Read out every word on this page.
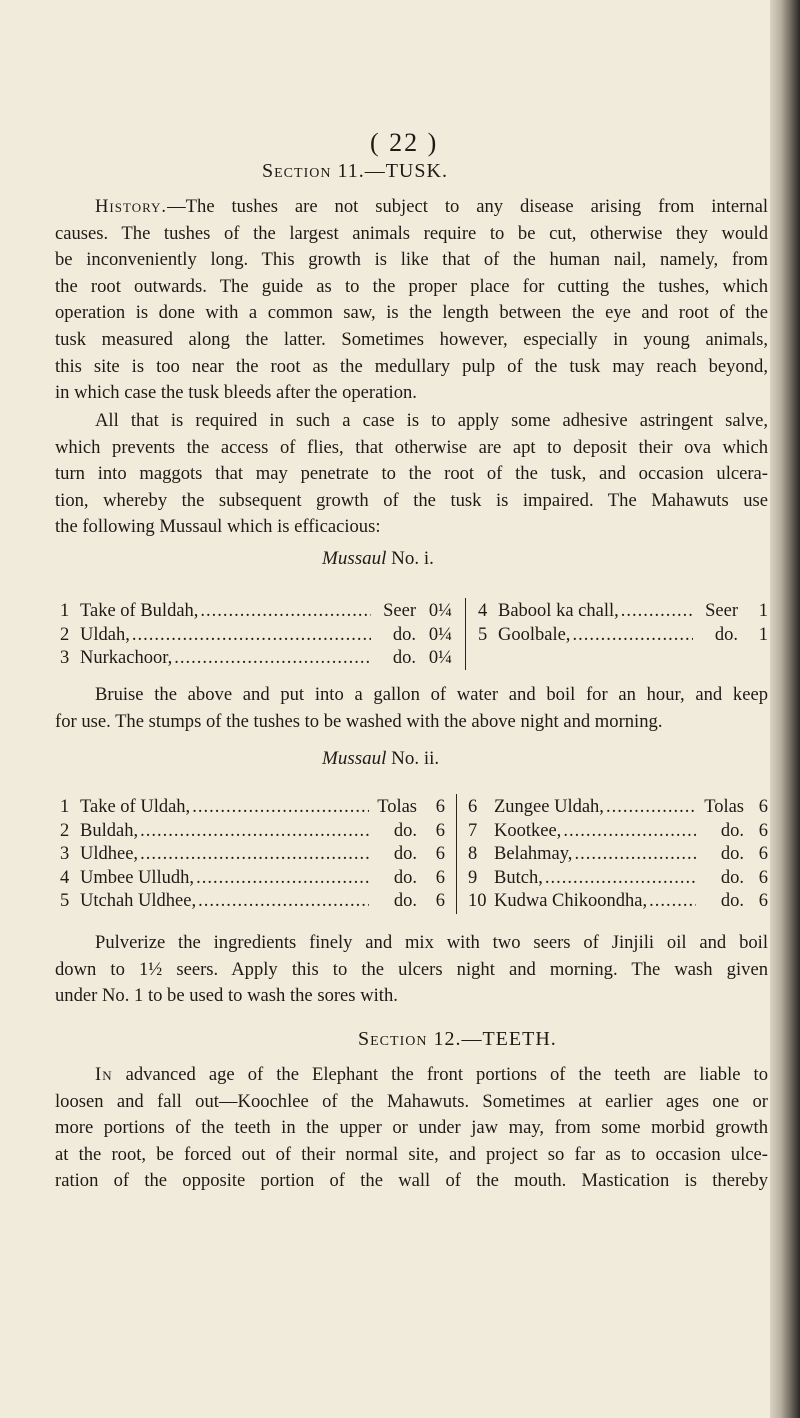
( 22 )
Section 11.—TUSK.
History.—The tushes are not subject to any disease arising from internal
causes. The tushes of the largest animals require to be cut, otherwise they would
be inconveniently long. This growth is like that of the human nail, namely, from
the root outwards. The guide as to the proper place for cutting the tushes, which
operation is done with a common saw, is the length between the eye and root of the
tusk measured along the latter. Sometimes however, especially in young animals,
this site is too near the root as the medullary pulp of the tusk may reach beyond,
in which case the tusk bleeds after the operation.
All that is required in such a case is to apply some adhesive astringent salve,
which prevents the access of flies, that otherwise are apt to deposit their ova which
turn into maggots that may penetrate to the root of the tusk, and occasion ulcera-
tion, whereby the subsequent growth of the tusk is impaired. The Mahawuts use
the following Mussaul which is efficacious:
Mussaul No. i.
1 Take of Buldah, .....	Seer 0¼
2 Uldah, .....	do. 0¼
3 Nurkachoor, .....	do. 0¼
4 Babool ka chall, .....	Seer	1
5 Goolbale, .....	do.	1
Bruise the above and put into a gallon of water and boil for an hour, and keep
for use. The stumps of the tushes to be washed with the above night and morning.
Mussaul No. ii.
1 Take of Uldah, .....	Tolas	6
2 Buldah, .....	do.	6
3 Uldhee, .....	do.	6
4 Umbee Ulludh, .....	do.	6
5 Utchah Uldhee, .....	do.	6
6 Zungee Uldah, .....	Tolas 6
7 Kootkee, .....	do. 6
8 Belahmay, .....	do. 6
9 Butch, .....	do. 6
10 Kudwa Chikoondha, .....	do. 6
Pulverize the ingredients finely and mix with two seers of Jinjili oil and boil
down to 1½ seers. Apply this to the ulcers night and morning. The wash given
under No. 1 to be used to wash the sores with.
Section 12.—TEETH.
In advanced age of the Elephant the front portions of the teeth are liable to
loosen and fall out—Koochlee of the Mahawuts. Sometimes at earlier ages one or
more portions of the teeth in the upper or under jaw may, from some morbid growth
at the root, be forced out of their normal site, and project so far as to occasion ulce-
ration of the opposite portion of the wall of the mouth. Mastication is thereby
